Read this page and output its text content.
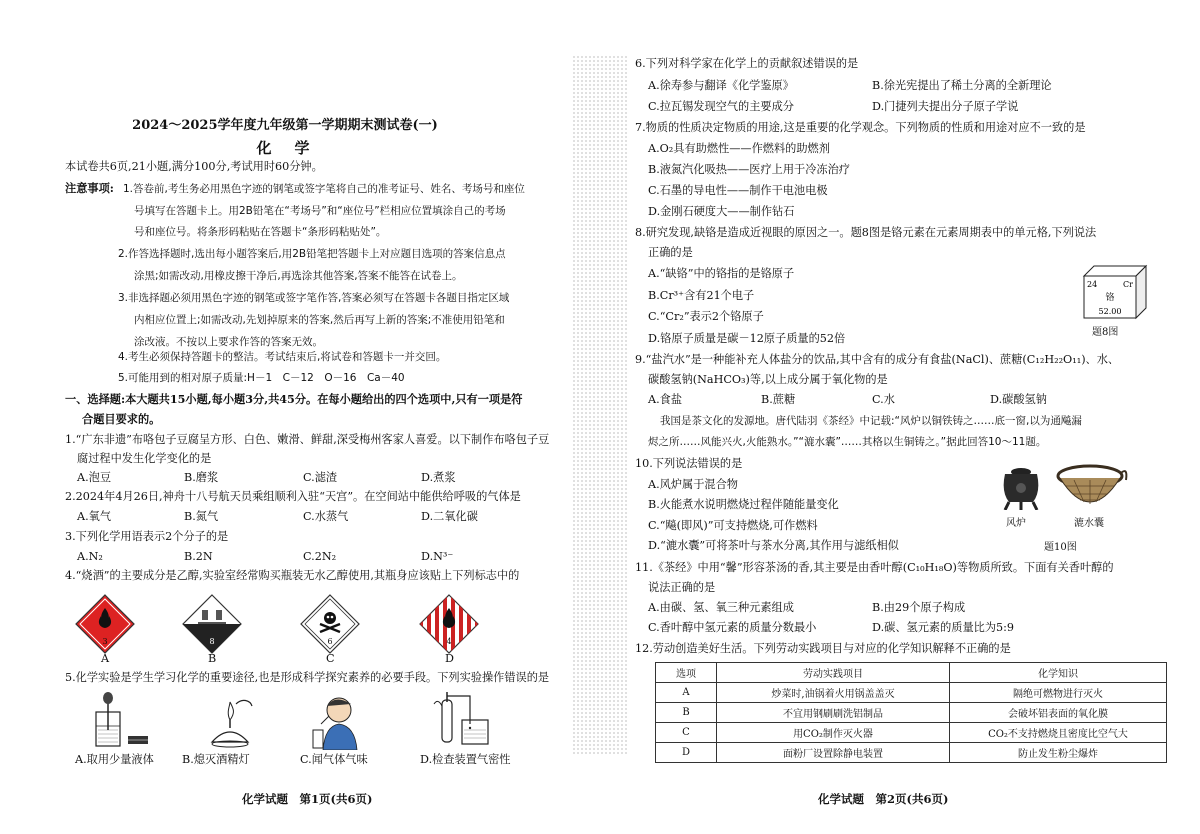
2024～2025学年度九年级第一学期期末测试卷(一)
化　学
本试卷共6页,21小题,满分100分,考试用时60分钟。
注意事项: 1.答卷前,考生务必用黑色字迹的钢笔或签字笔将自己的准考证号、姓名、考场号和座位
号填写在答题卡上。用2B铅笔在“考场号”和“座位号”栏相应位置填涂自己的考场
号和座位号。将条形码粘贴在答题卡“条形码粘贴处”。
2.作答选择题时,选出每小题答案后,用2B铅笔把答题卡上对应题目选项的答案信息点
涂黑;如需改动,用橡皮擦干净后,再选涂其他答案,答案不能答在试卷上。
3.非选择题必须用黑色字迹的钢笔或签字笔作答,答案必须写在答题卡各题目指定区域
内相应位置上;如需改动,先划掉原来的答案,然后再写上新的答案;不准使用铅笔和
涂改液。不按以上要求作答的答案无效。
4.考生必须保持答题卡的整洁。考试结束后,将试卷和答题卡一并交回。
5.可能用到的相对原子质量:H－1　C－12　O－16　Ca－40
一、选择题:本大题共15小题,每小题3分,共45分。在每小题给出的四个选项中,只有一项是符
合题目要求的。
1.“广东非遗”布咯包子豆腐呈方形、白色、嫩滑、鲜甜,深受梅州客家人喜爱。以下制作布咯包子豆
腐过程中发生化学变化的是
A.泡豆	B.磨浆	C.滤渣	D.煮浆
2.2024年4月26日,神舟十八号航天员乘组顺利入驻“天宫”。在空间站中能供给呼吸的气体是
A.氧气	B.氮气	C.水蒸气	D.二氧化碳
3.下列化学用语表示2个分子的是
A.N₂	B.2N	C.2N₂	D.N³⁻
4.“烧酒”的主要成分是乙醇,实验室经常购买瓶装无水乙醇使用,其瓶身应该贴上下列标志中的
3
A
8
B
6
C
4
D
5.化学实验是学生学习化学的重要途径,也是形成科学探究素养的必要手段。下列实验操作错误的是
A.取用少量液体	B.熄灭酒精灯	C.闻气体气味	D.检查装置气密性
化学试题　第1页(共6页)
6.下列对科学家在化学上的贡献叙述错误的是
A.徐寿参与翻译《化学鉴原》	B.徐光宪提出了稀土分离的全新理论
C.拉瓦锡发现空气的主要成分	D.门捷列夫提出分子原子学说
7.物质的性质决定物质的用途,这是重要的化学观念。下列物质的性质和用途对应不一致的是
A.O₂具有助燃性——作燃料的助燃剂
B.液氮汽化吸热——医疗上用于冷冻治疗
C.石墨的导电性——制作干电池电极
D.金刚石硬度大——制作钻石
8.研究发现,缺铬是造成近视眼的原因之一。题8图是铬元素在元素周期表中的单元格,下列说法
正确的是
A.“缺铬”中的铬指的是铬原子
B.Cr³⁺含有21个电子
C.“Cr₂”表示2个铬原子
D.铬原子质量是碳－12原子质量的52倍
24	Cr
铬
52.00
题8图
9.“盐汽水”是一种能补充人体盐分的饮品,其中含有的成分有食盐(NaCl)、蔗糖(C₁₂H₂₂O₁₁)、水、
碳酸氢钠(NaHCO₃)等,以上成分属于氧化物的是
A.食盐	B.蔗糖	C.水	D.碳酸氢钠
我国是茶文化的发源地。唐代陆羽《茶经》中记载:“风炉以铜铁铸之……底一窗,以为通飚漏
烬之所……风能兴火,火能熟水。”“漉水囊”……其格以生铜铸之。”据此回答10～11题。
10.下列说法错误的是
A.风炉属于混合物
B.火能煮水说明燃烧过程伴随能量变化
C.“飚(即风)”可支持燃烧,可作燃料
D.“漉水囊”可将茶叶与茶水分离,其作用与滤纸相似
风炉	漉水囊
题10图
11.《茶经》中用“馨”形容茶汤的香,其主要是由香叶醇(C₁₀H₁₈O)等物质所致。下面有关香叶醇的
说法正确的是
A.由碳、氢、氧三种元素组成	B.由29个原子构成
C.香叶醇中氢元素的质量分数最小	D.碳、氢元素的质量比为5:9
12.劳动创造美好生活。下列劳动实践项目与对应的化学知识解释不正确的是
选项	劳动实践项目	化学知识
A	炒菜时,油锅着火用锅盖盖灭	隔绝可燃物进行灭火
B	不宜用钢刷刷洗铝制品	会破坏铝表面的氧化膜
C	用CO₂制作灭火器	CO₂不支持燃烧且密度比空气大
D	面粉厂设置除静电装置	防止发生粉尘爆炸
化学试题　第2页(共6页)
